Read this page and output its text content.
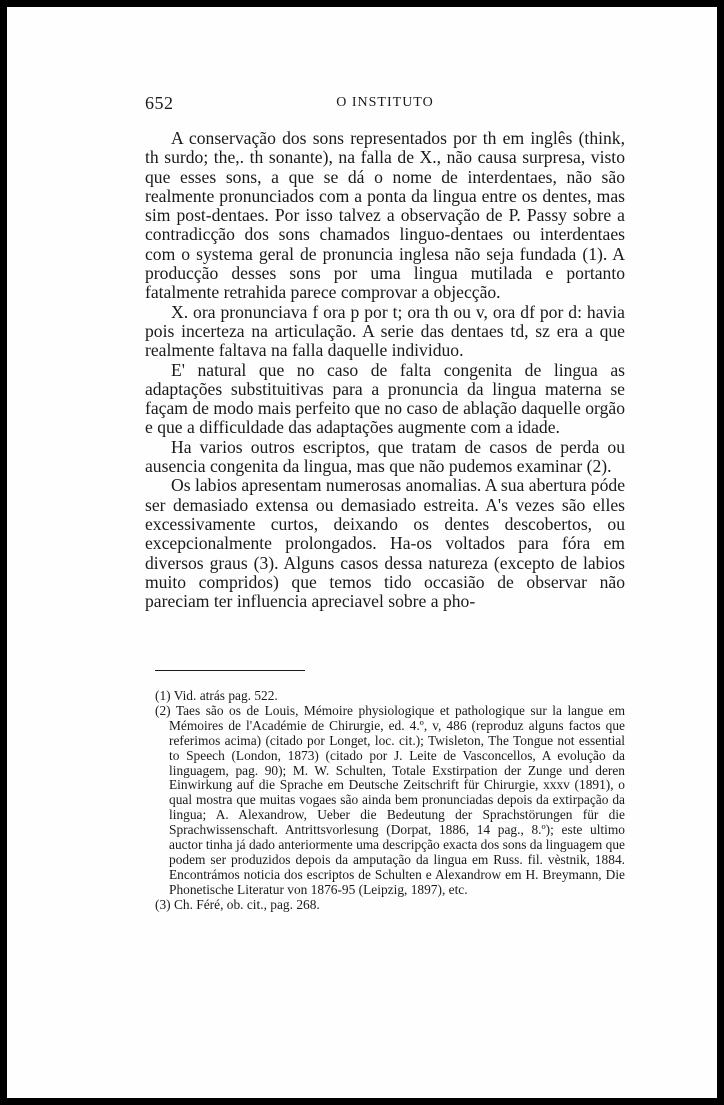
652	O INSTITUTO

A conservação dos sons representados por th em inglês (think, th surdo; the,. th sonante), na falla de X., não causa surpresa, visto que esses sons, a que se dá o nome de interdentaes, não são realmente pronunciados com a ponta da lingua entre os dentes, mas sim post-dentaes. Por isso talvez a observação de P. Passy sobre a contradicção dos sons chamados linguo-dentaes ou interdentaes com o systema geral de pronuncia inglesa não seja fundada (1). A producção desses sons por uma lingua mutilada e portanto fatalmente retrahida parece comprovar a objecção.

X. ora pronunciava f ora p por t; ora th ou v, ora df por d: havia pois incerteza na articulação. A serie das dentaes td, sz era a que realmente faltava na falla daquelle individuo.

E' natural que no caso de falta congenita de lingua as adaptações substituitivas para a pronuncia da lingua materna se façam de modo mais perfeito que no caso de ablação daquelle orgão e que a difficuldade das adaptações augmente com a idade.

Ha varios outros escriptos, que tratam de casos de perda ou ausencia congenita da lingua, mas que não pudemos examinar (2).

Os labios apresentam numerosas anomalias. A sua abertura póde ser demasiado extensa ou demasiado estreita. A's vezes são elles excessivamente curtos, deixando os dentes descobertos, ou excepcionalmente prolongados. Ha-os voltados para fóra em diversos graus (3). Alguns casos dessa natureza (excepto de labios muito compridos) que temos tido occasião de observar não pareciam ter influencia apreciavel sobre a pho-

(1) Vid. atrás pag. 522.

(2) Taes são os de Louis, Mémoire physiologique et pathologique sur la langue em Mémoires de l'Académie de Chirurgie, ed. 4.º, v, 486 (reproduz alguns factos que referimos acima) (citado por Longet, loc. cit.); Twisleton, The Tongue not essential to Speech (London, 1873) (citado por J. Leite de Vasconcellos, A evolução da linguagem, pag. 90); M. W. Schulten, Totale Exstirpation der Zunge und deren Einwirkung auf die Sprache em Deutsche Zeitschrift für Chirurgie, xxxv (1891), o qual mostra que muitas vogaes são ainda bem pronunciadas depois da extirpação da lingua; A. Alexandrow, Ueber die Bedeutung der Sprachstörungen für die Sprachwissenschaft. Antrittsvorlesung (Dorpat, 1886, 14 pag., 8.º); este ultimo auctor tinha já dado anteriormente uma descripção exacta dos sons da linguagem que podem ser produzidos depois da amputação da lingua em Russ. fil. vèstnik, 1884. Encontrámos noticia dos escriptos de Schulten e Alexandrow em H. Breymann, Die Phonetische Literatur von 1876-95 (Leipzig, 1897), etc.

(3) Ch. Féré, ob. cit., pag. 268.
